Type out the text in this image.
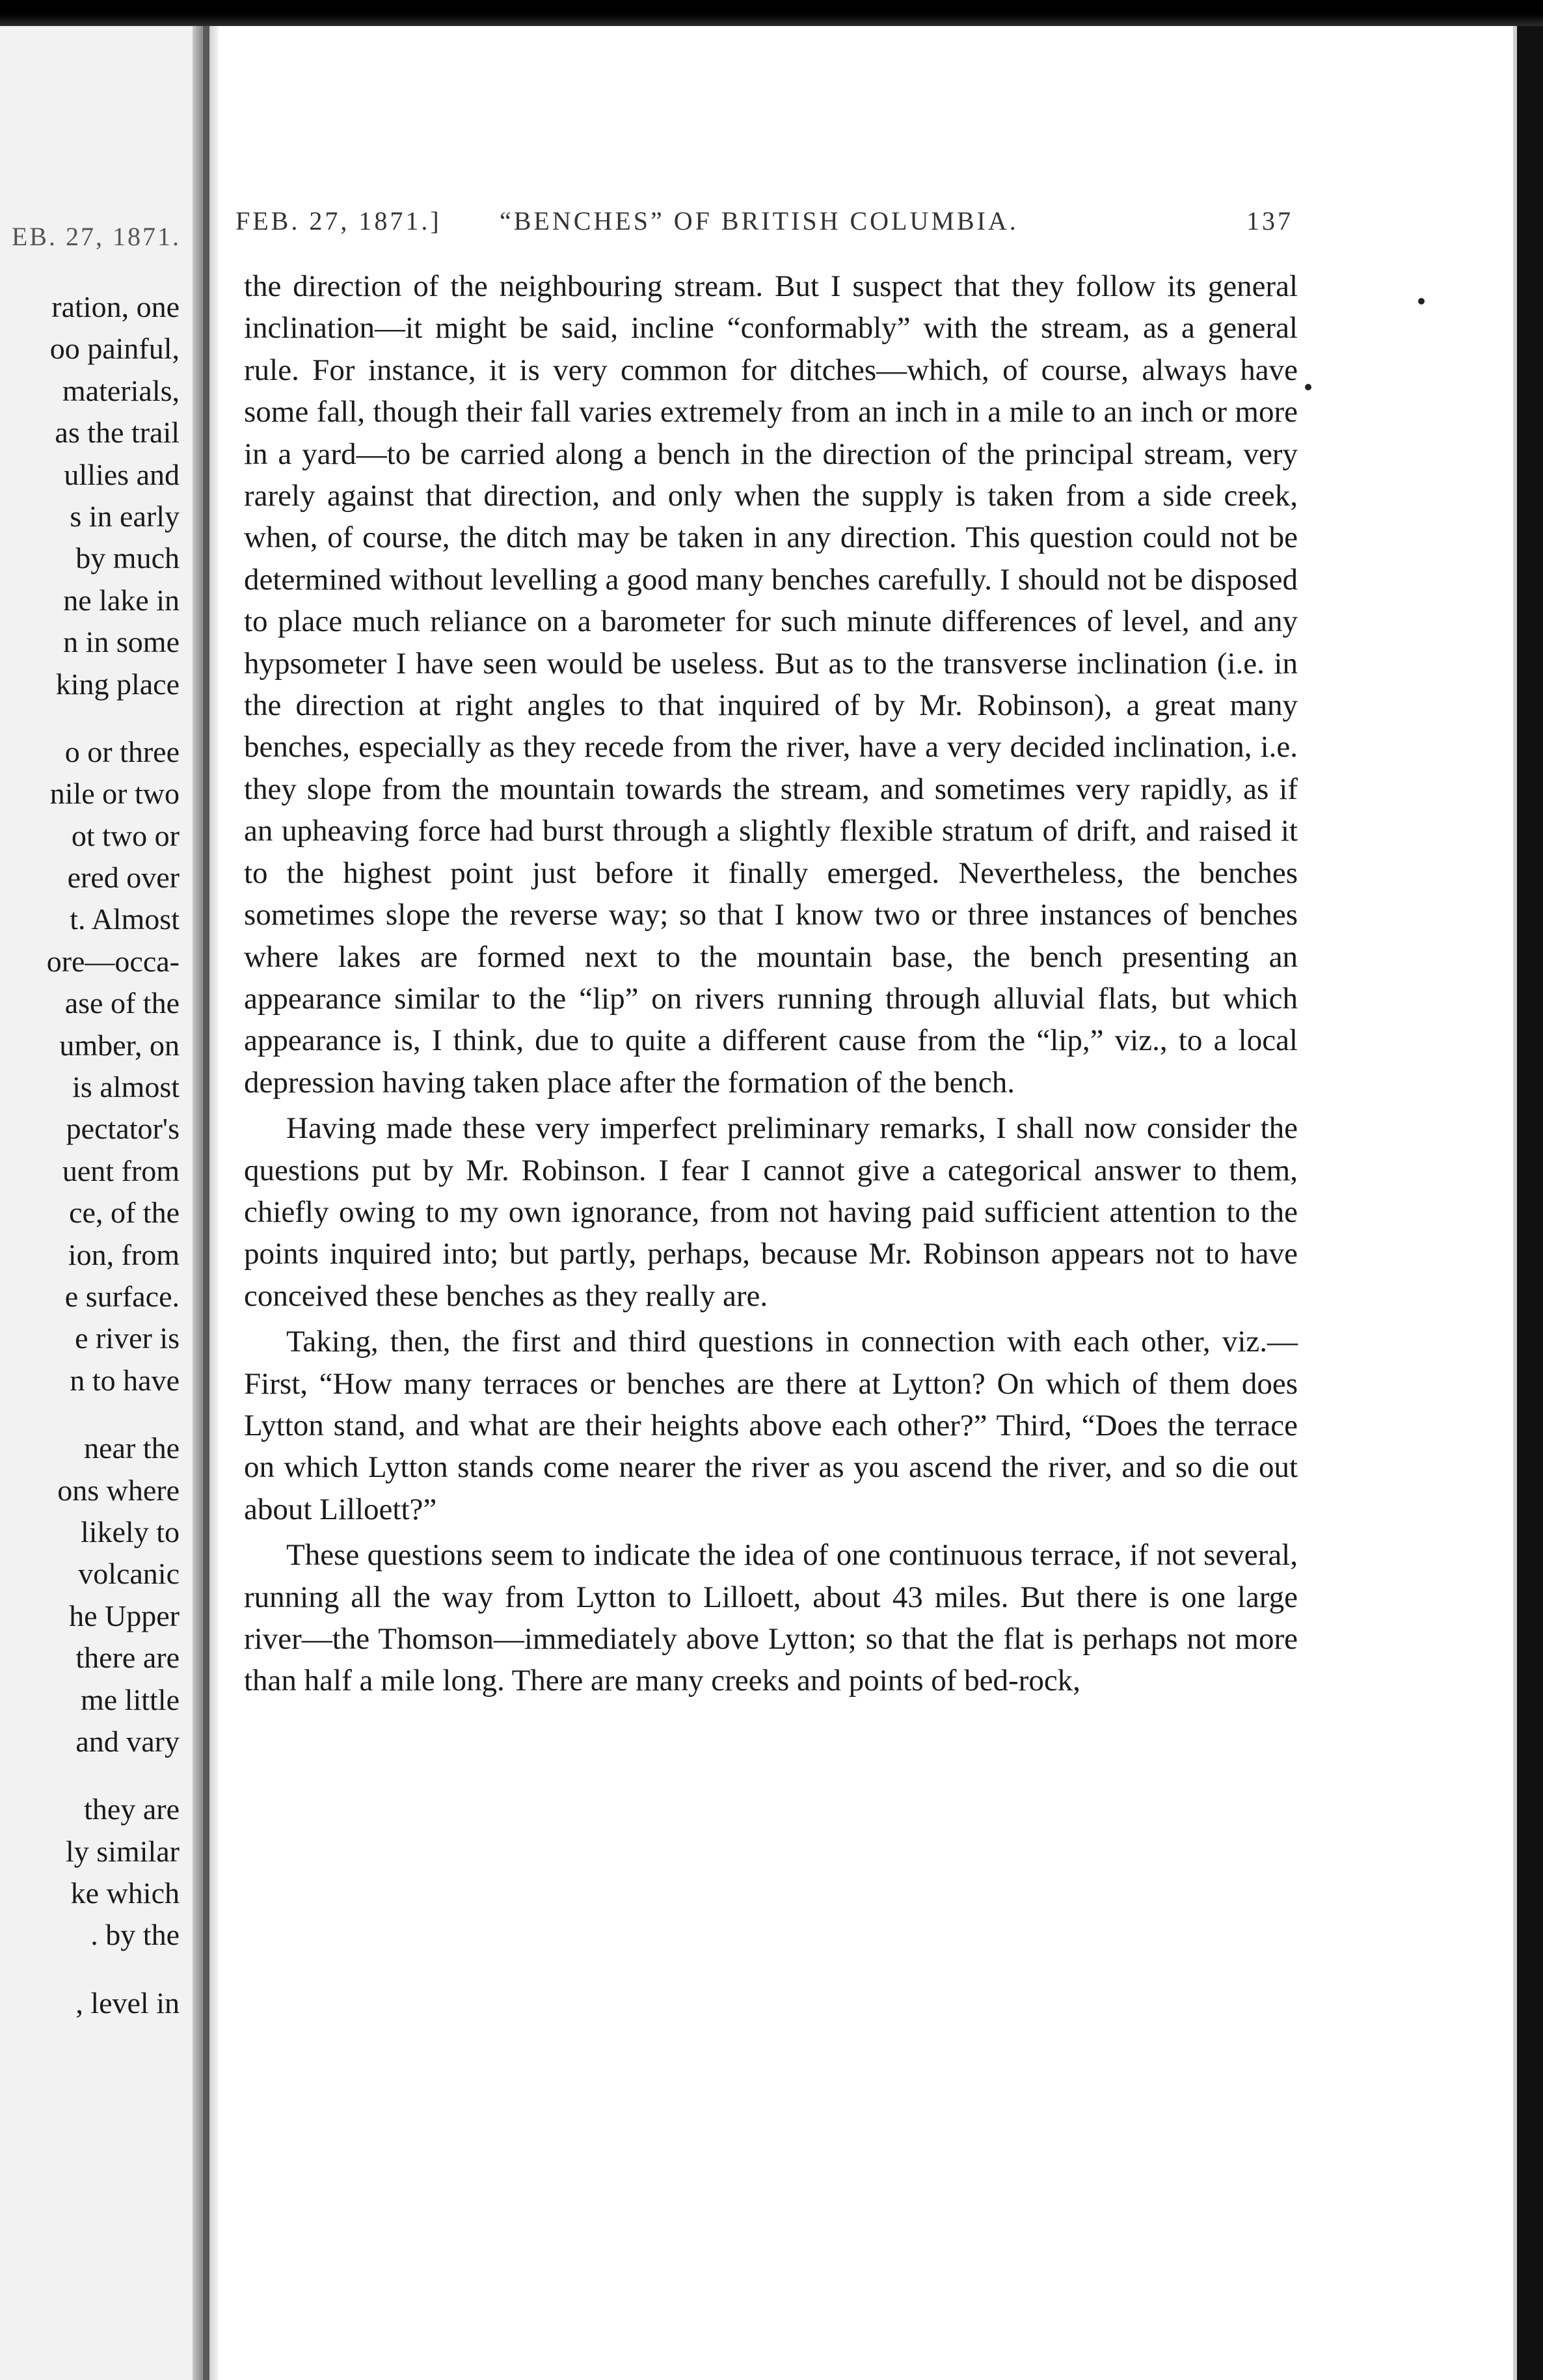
EB. 27, 1871.
ration, one
oo painful,
materials,
as the trail
ullies and
s in early
by much
ne lake in
n in some
king place
o or three
nile or two
ot two or
ered over
t. Almost
ore—occa-
ase of the
umber, on
is almost
pectator's
uent from
ce, of the
ion, from
e surface.
e river is
n to have
near the
ons where
likely to
volcanic
he Upper
there are
me little
and vary
they are
ly similar
ke which
. by the
, level in
FEB. 27, 1871.] “BENCHES” OF BRITISH COLUMBIA.	137

the direction of the neighbouring stream. But I suspect that they follow its general inclination—it might be said, incline “conformably” with the stream, as a general rule. For instance, it is very common for ditches—which, of course, always have some fall, though their fall varies extremely from an inch in a mile to an inch or more in a yard—to be carried along a bench in the direction of the principal stream, very rarely against that direction, and only when the supply is taken from a side creek, when, of course, the ditch may be taken in any direction. This question could not be determined without levelling a good many benches carefully. I should not be disposed to place much reliance on a barometer for such minute differences of level, and any hypsometer I have seen would be useless. But as to the transverse inclination (i.e. in the direction at right angles to that inquired of by Mr. Robinson), a great many benches, especially as they recede from the river, have a very decided inclination, i.e. they slope from the mountain towards the stream, and sometimes very rapidly, as if an upheaving force had burst through a slightly flexible stratum of drift, and raised it to the highest point just before it finally emerged. Nevertheless, the benches sometimes slope the reverse way; so that I know two or three instances of benches where lakes are formed next to the mountain base, the bench presenting an appearance similar to the “lip” on rivers running through alluvial flats, but which appearance is, I think, due to quite a different cause from the “lip,” viz., to a local depression having taken place after the formation of the bench.

Having made these very imperfect preliminary remarks, I shall now consider the questions put by Mr. Robinson. I fear I cannot give a categorical answer to them, chiefly owing to my own ignorance, from not having paid sufficient attention to the points inquired into; but partly, perhaps, because Mr. Robinson appears not to have conceived these benches as they really are.

Taking, then, the first and third questions in connection with each other, viz.—First, “How many terraces or benches are there at Lytton? On which of them does Lytton stand, and what are their heights above each other?” Third, “Does the terrace on which Lytton stands come nearer the river as you ascend the river, and so die out about Lilloett?”

These questions seem to indicate the idea of one continuous terrace, if not several, running all the way from Lytton to Lilloett, about 43 miles. But there is one large river—the Thomson—immediately above Lytton; so that the flat is perhaps not more than half a mile long. There are many creeks and points of bed-rock,
